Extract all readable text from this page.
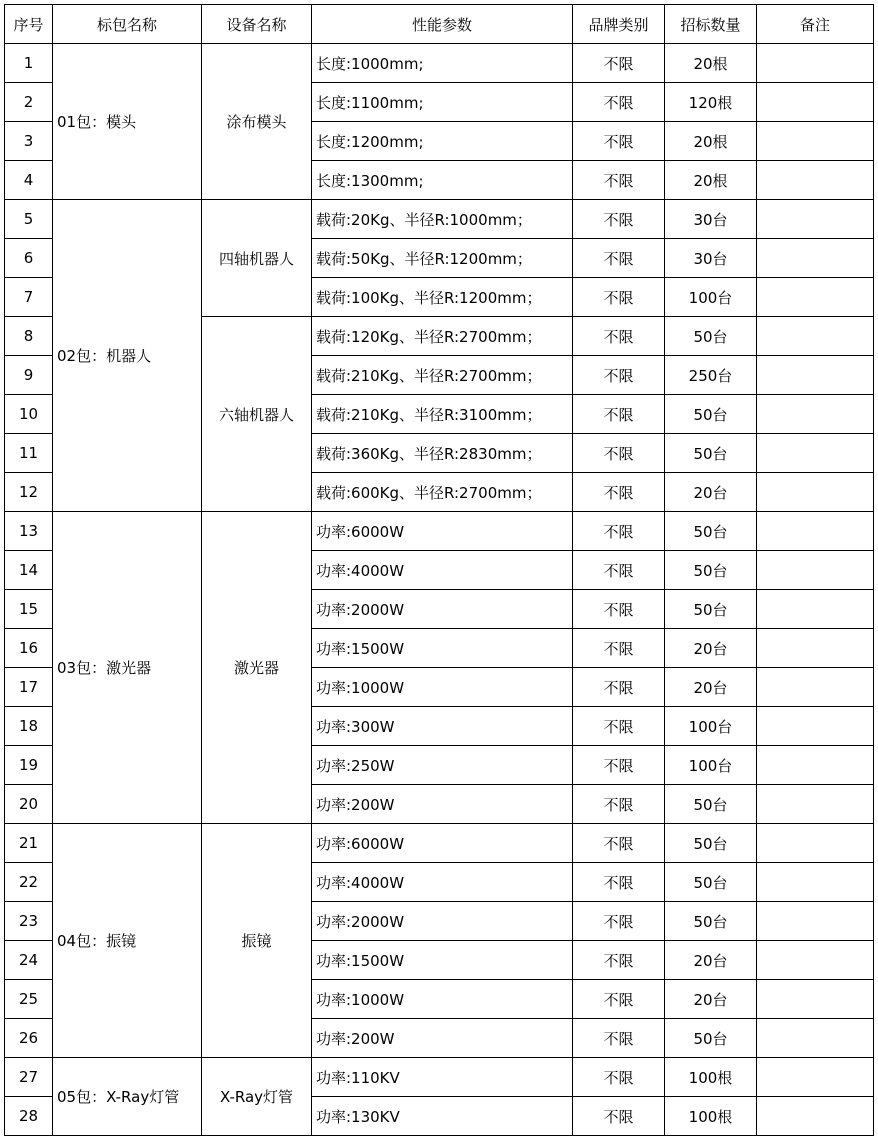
序号	标包名称	设备名称	性能参数	品牌类别	招标数量	备注
1	01包：模头	涂布模头	长度:1000mm;	不限	20根	
2			长度:1100mm;	不限	120根	
3			长度:1200mm;	不限	20根	
4			长度:1300mm;	不限	20根	
5	02包：机器人	四轴机器人	载荷:20Kg、半径R:1000mm；	不限	30台	
6			载荷:50Kg、半径R:1200mm；	不限	30台	
7			载荷:100Kg、半径R:1200mm；	不限	100台	
8		六轴机器人	载荷:120Kg、半径R:2700mm；	不限	50台	
9			载荷:210Kg、半径R:2700mm；	不限	250台	
10			载荷:210Kg、半径R:3100mm；	不限	50台	
11			载荷:360Kg、半径R:2830mm；	不限	50台	
12			载荷:600Kg、半径R:2700mm；	不限	20台	
13	03包：激光器	激光器	功率:6000W	不限	50台	
14			功率:4000W	不限	50台	
15			功率:2000W	不限	50台	
16			功率:1500W	不限	20台	
17			功率:1000W	不限	20台	
18			功率:300W	不限	100台	
19			功率:250W	不限	100台	
20			功率:200W	不限	50台	
21	04包：振镜	振镜	功率:6000W	不限	50台	
22			功率:4000W	不限	50台	
23			功率:2000W	不限	50台	
24			功率:1500W	不限	20台	
25			功率:1000W	不限	20台	
26			功率:200W	不限	50台	
27	05包：X-Ray灯管	X-Ray灯管	功率:110KV	不限	100根	
28			功率:130KV	不限	100根	
